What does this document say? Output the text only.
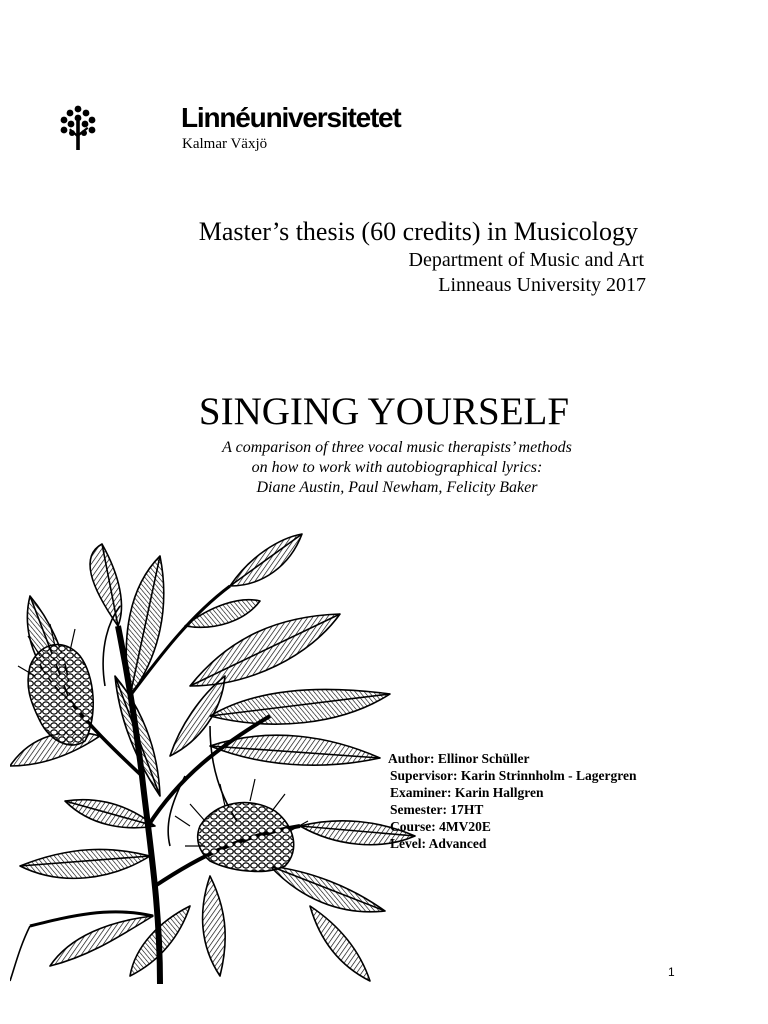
Linnéuniversitetet
Kalmar Växjö
Master’s thesis (60 credits) in Musicology
Department of Music and Art
Linneaus University 2017
SINGING YOURSELF
A comparison of three vocal music therapists’ methods
on how to work with autobiographical lyrics:
Diane Austin, Paul Newham, Felicity Baker
Author: Ellinor Schüller
Supervisor: Karin Strinnholm - Lagergren
Examiner: Karin Hallgren
Semester: 17HT
Course: 4MV20E
Level: Advanced
1
